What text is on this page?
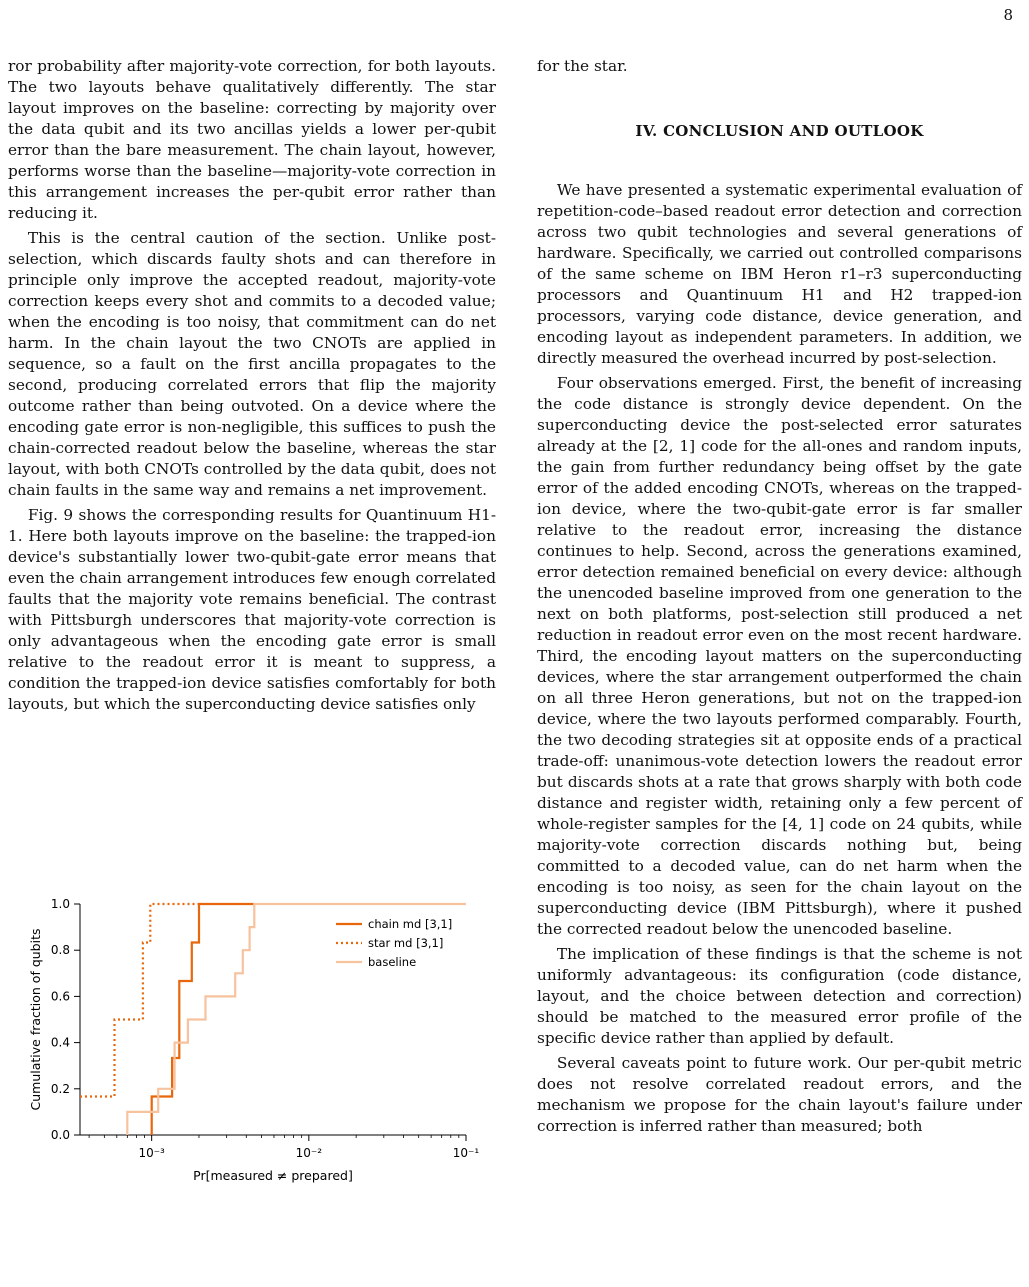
8

ror probability after majority-vote correction, for both layouts. The two layouts behave qualitatively differently. The star layout improves on the baseline: correcting by majority over the data qubit and its two ancillas yields a lower per-qubit error than the bare measurement. The chain layout, however, performs worse than the baseline—majority-vote correction in this arrangement increases the per-qubit error rather than reducing it.

This is the central caution of the section. Unlike post-selection, which discards faulty shots and can therefore in principle only improve the accepted readout, majority-vote correction keeps every shot and commits to a decoded value; when the encoding is too noisy, that commitment can do net harm. In the chain layout the two CNOTs are applied in sequence, so a fault on the first ancilla propagates to the second, producing correlated errors that flip the majority outcome rather than being outvoted. On a device where the encoding gate error is non-negligible, this suffices to push the chain-corrected readout below the baseline, whereas the star layout, with both CNOTs controlled by the data qubit, does not chain faults in the same way and remains a net improvement.

Fig. 9 shows the corresponding results for Quantinuum H1-1. Here both layouts improve on the baseline: the trapped-ion device's substantially lower two-qubit-gate error means that even the chain arrangement introduces few enough correlated faults that the majority vote remains beneficial. The contrast with Pittsburgh underscores that majority-vote correction is only advantageous when the encoding gate error is small relative to the readout error it is meant to suppress, a condition the trapped-ion device satisfies comfortably for both layouts, but which the superconducting device satisfies only

10⁻³	10⁻²	10⁻¹
0.0
0.2
0.4
0.6
0.8
1.0
Pr[measured ≠ prepared]
Cumulative fraction of qubits
chain md [3,1]
star md [3,1]
baseline

for the star.

IV. CONCLUSION AND OUTLOOK

We have presented a systematic experimental evaluation of repetition-code–based readout error detection and correction across two qubit technologies and several generations of hardware. Specifically, we carried out controlled comparisons of the same scheme on IBM Heron r1–r3 superconducting processors and Quantinuum H1 and H2 trapped-ion processors, varying code distance, device generation, and encoding layout as independent parameters. In addition, we directly measured the overhead incurred by post-selection.

Four observations emerged. First, the benefit of increasing the code distance is strongly device dependent. On the superconducting device the post-selected error saturates already at the [2, 1] code for the all-ones and random inputs, the gain from further redundancy being offset by the gate error of the added encoding CNOTs, whereas on the trapped-ion device, where the two-qubit-gate error is far smaller relative to the readout error, increasing the distance continues to help. Second, across the generations examined, error detection remained beneficial on every device: although the unencoded baseline improved from one generation to the next on both platforms, post-selection still produced a net reduction in readout error even on the most recent hardware. Third, the encoding layout matters on the superconducting devices, where the star arrangement outperformed the chain on all three Heron generations, but not on the trapped-ion device, where the two layouts performed comparably. Fourth, the two decoding strategies sit at opposite ends of a practical trade-off: unanimous-vote detection lowers the readout error but discards shots at a rate that grows sharply with both code distance and register width, retaining only a few percent of whole-register samples for the [4, 1] code on 24 qubits, while majority-vote correction discards nothing but, being committed to a decoded value, can do net harm when the encoding is too noisy, as seen for the chain layout on the superconducting device (IBM Pittsburgh), where it pushed the corrected readout below the unencoded baseline.

The implication of these findings is that the scheme is not uniformly advantageous: its configuration (code distance, layout, and the choice between detection and correction) should be matched to the measured error profile of the specific device rather than applied by default.

Several caveats point to future work. Our per-qubit metric does not resolve correlated readout errors, and the mechanism we propose for the chain layout's failure under correction is inferred rather than measured; both
